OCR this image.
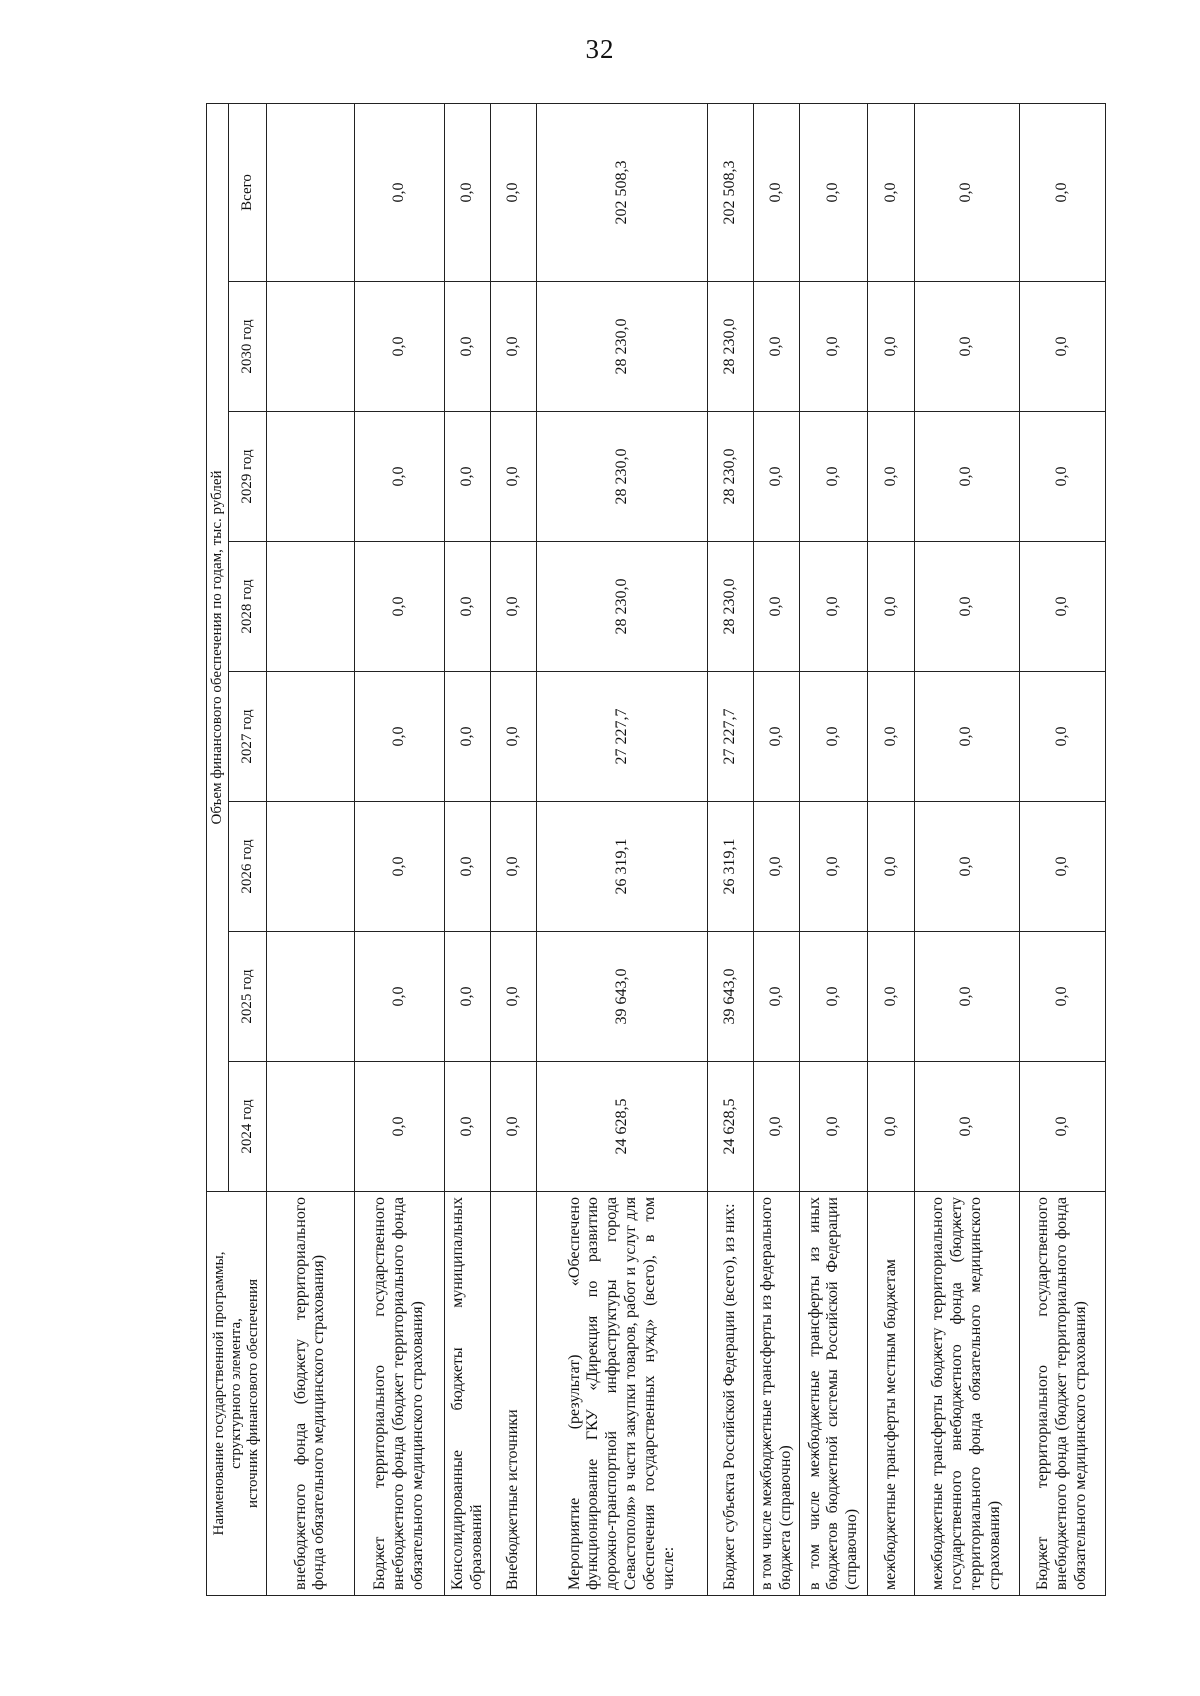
32
Наименование государственной программы, структурного элемента, источник финансового обеспечения	Объем финансового обеспечения по годам, тыс. рублей							
	2024 год	2025 год	2026 год	2027 год	2028 год	2029 год	2030 год	Всего
внебюджетного фонда (бюджету территориального фонда обязательного медицинского страхования)								
Бюджет территориального государственного внебюджетного фонда (бюджет территориального фонда обязательного медицинского страхования)	0,0	0,0	0,0	0,0	0,0	0,0	0,0	0,0
Консолидированные бюджеты муниципальных образований	0,0	0,0	0,0	0,0	0,0	0,0	0,0	0,0
Внебюджетные источники	0,0	0,0	0,0	0,0	0,0	0,0	0,0	0,0
Мероприятие (результат) «Обеспечено функционирование ГКУ «Дирекция по развитию дорожно-транспортной инфраструктуры города Севастополя» в части закупки товаров, работ и услуг для обеспечения государственных нужд» (всего), в том числе:	24 628,5	39 643,0	26 319,1	27 227,7	28 230,0	28 230,0	28 230,0	202 508,3
Бюджет субъекта Российской Федерации (всего), из них:	24 628,5	39 643,0	26 319,1	27 227,7	28 230,0	28 230,0	28 230,0	202 508,3
в том числе межбюджетные трансферты из федерального бюджета (справочно)	0,0	0,0	0,0	0,0	0,0	0,0	0,0	0,0
в том числе межбюджетные трансферты из иных бюджетов бюджетной системы Российской Федерации (справочно)	0,0	0,0	0,0	0,0	0,0	0,0	0,0	0,0
межбюджетные трансферты местным бюджетам	0,0	0,0	0,0	0,0	0,0	0,0	0,0	0,0
межбюджетные трансферты бюджету территориального государственного внебюджетного фонда (бюджету территориального фонда обязательного медицинского страхования)	0,0	0,0	0,0	0,0	0,0	0,0	0,0	0,0
Бюджет территориального государственного внебюджетного фонда (бюджет территориального фонда обязательного медицинского страхования)	0,0	0,0	0,0	0,0	0,0	0,0	0,0	0,0
